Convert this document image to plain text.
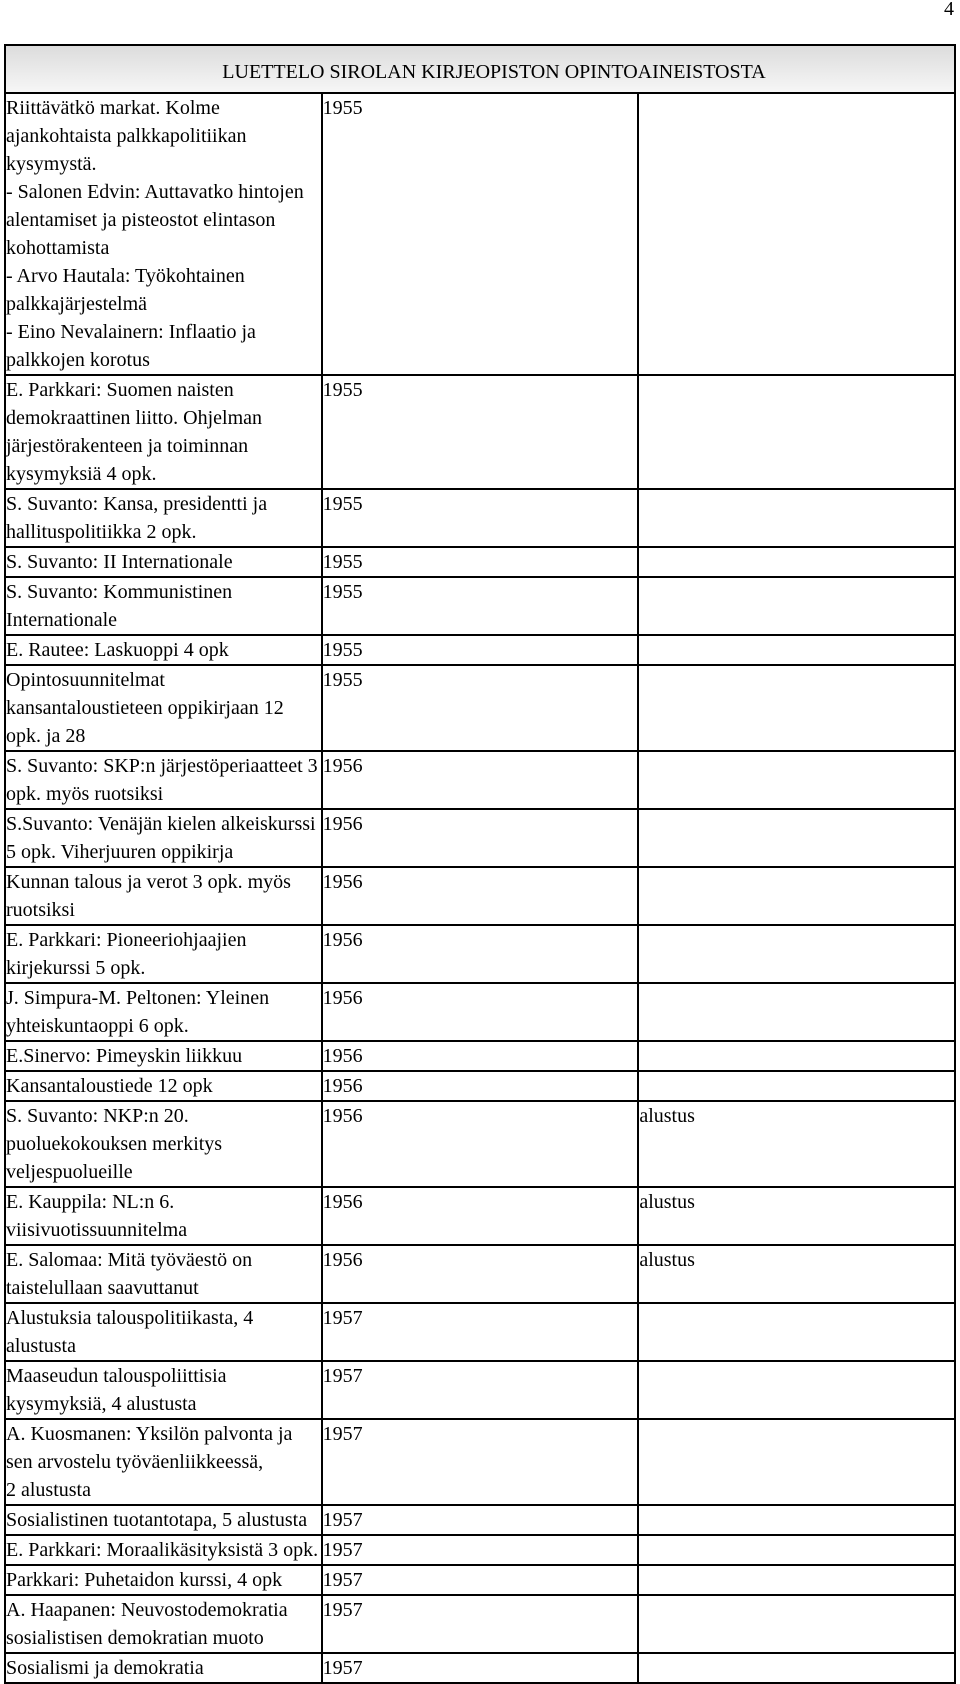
4
LUETTELO SIROLAN KIRJEOPISTON OPINTOAINEISTOSTA		

Riittävätkö markat. Kolme ajankohtaista palkkapolitiikan kysymystä.
- Salonen Edvin: Auttavatko hintojen alentamiset ja pisteostot elintason
kohottamista
- Arvo Hautala: Työkohtainen palkkajärjestelmä
- Eino Nevalainern: Inflaatio ja palkkojen korotus	1955	

E. Parkkari: Suomen naisten demokraattinen liitto. Ohjelman
järjestörakenteen ja toiminnan kysymyksiä 4 opk.	1955	

S. Suvanto: Kansa, presidentti ja hallituspolitiikka 2 opk.	1955	

S. Suvanto: II Internationale	1955	

S. Suvanto: Kommunistinen Internationale	1955	

E. Rautee: Laskuoppi 4 opk	1955	

Opintosuunnitelmat kansantaloustieteen oppikirjaan 12 opk. ja 28	1955	

S. Suvanto: SKP:n järjestöperiaatteet 3 opk. myös ruotsiksi	1956	

S.Suvanto: Venäjän kielen alkeiskurssi 5 opk. Viherjuuren oppikirja	1956	

Kunnan talous ja verot 3 opk. myös ruotsiksi	1956	

E. Parkkari: Pioneeriohjaajien kirjekurssi 5 opk.	1956	

J. Simpura-M. Peltonen: Yleinen yhteiskuntaoppi 6 opk.	1956	

E.Sinervo: Pimeyskin liikkuu	1956	

Kansantaloustiede 12 opk	1956	

S. Suvanto: NKP:n 20. puoluekokouksen merkitys veljespuolueille	1956	alustus

E. Kauppila: NL:n 6. viisivuotissuunnitelma	1956	alustus

E. Salomaa: Mitä työväestö on taistelullaan saavuttanut	1956	alustus

Alustuksia talouspolitiikasta, 4 alustusta	1957	

Maaseudun talouspoliittisia kysymyksiä, 4 alustusta	1957	

A. Kuosmanen: Yksilön palvonta ja sen arvostelu työväenliikkeessä,
2 alustusta	1957	

Sosialistinen tuotantotapa, 5 alustusta	1957	

E. Parkkari: Moraalikäsityksistä 3 opk.	1957	

Parkkari: Puhetaidon kurssi, 4 opk	1957	

A. Haapanen: Neuvostodemokratia sosialistisen demokratian muoto	1957	

Sosialismi ja demokratia	1957	
